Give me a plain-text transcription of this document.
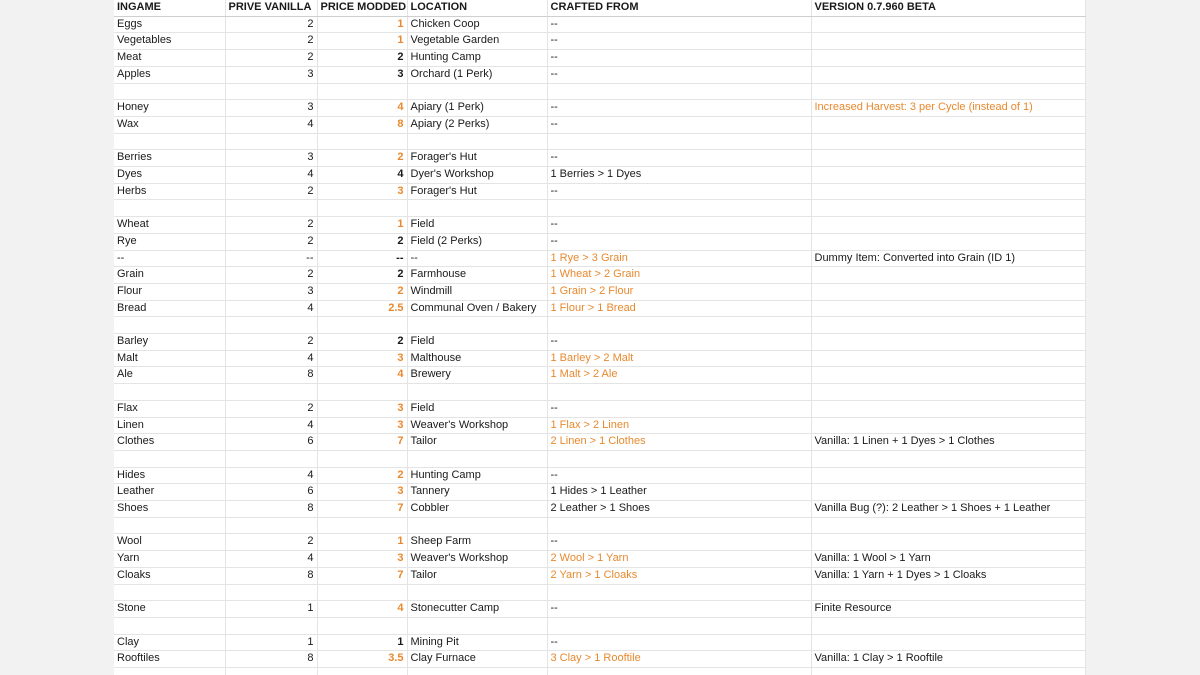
INGAME	PRIVE VANILLA	PRICE MODDED	LOCATION	CRAFTED FROM	VERSION 0.7.960 BETA
Eggs	2	1	Chicken Coop	--	
Vegetables	2	1	Vegetable Garden	--	
Meat	2	2	Hunting Camp	--	
Apples	3	3	Orchard (1 Perk)	--	

Honey	3	4	Apiary (1 Perk)	--	Increased Harvest: 3 per Cycle (instead of 1)
Wax	4	8	Apiary (2 Perks)	--	

Berries	3	2	Forager's Hut	--	
Dyes	4	4	Dyer's Workshop	1 Berries > 1 Dyes	
Herbs	2	3	Forager's Hut	--	

Wheat	2	1	Field	--	
Rye	2	2	Field (2 Perks)	--	
--	--	--	--	1 Rye > 3 Grain	Dummy Item: Converted into Grain (ID 1)
Grain	2	2	Farmhouse	1 Wheat > 2 Grain	
Flour	3	2	Windmill	1 Grain > 2 Flour	
Bread	4	2.5	Communal Oven / Bakery	1 Flour > 1 Bread	

Barley	2	2	Field	--	
Malt	4	3	Malthouse	1 Barley > 2 Malt	
Ale	8	4	Brewery	1 Malt > 2 Ale	

Flax	2	3	Field	--	
Linen	4	3	Weaver's Workshop	1 Flax > 2 Linen	
Clothes	6	7	Tailor	2 Linen > 1 Clothes	Vanilla: 1 Linen + 1 Dyes > 1 Clothes

Hides	4	2	Hunting Camp	--	
Leather	6	3	Tannery	1 Hides > 1 Leather	
Shoes	8	7	Cobbler	2 Leather > 1 Shoes	Vanilla Bug (?): 2 Leather > 1 Shoes + 1 Leather

Wool	2	1	Sheep Farm	--	
Yarn	4	3	Weaver's Workshop	2 Wool > 1 Yarn	Vanilla: 1 Wool > 1 Yarn
Cloaks	8	7	Tailor	2 Yarn > 1 Cloaks	Vanilla: 1 Yarn + 1 Dyes > 1 Cloaks

Stone	1	4	Stonecutter Camp	--	Finite Resource

Clay	1	1	Mining Pit	--	
Rooftiles	8	3.5	Clay Furnace	3 Clay > 1 Rooftile	Vanilla: 1 Clay > 1 Rooftile
